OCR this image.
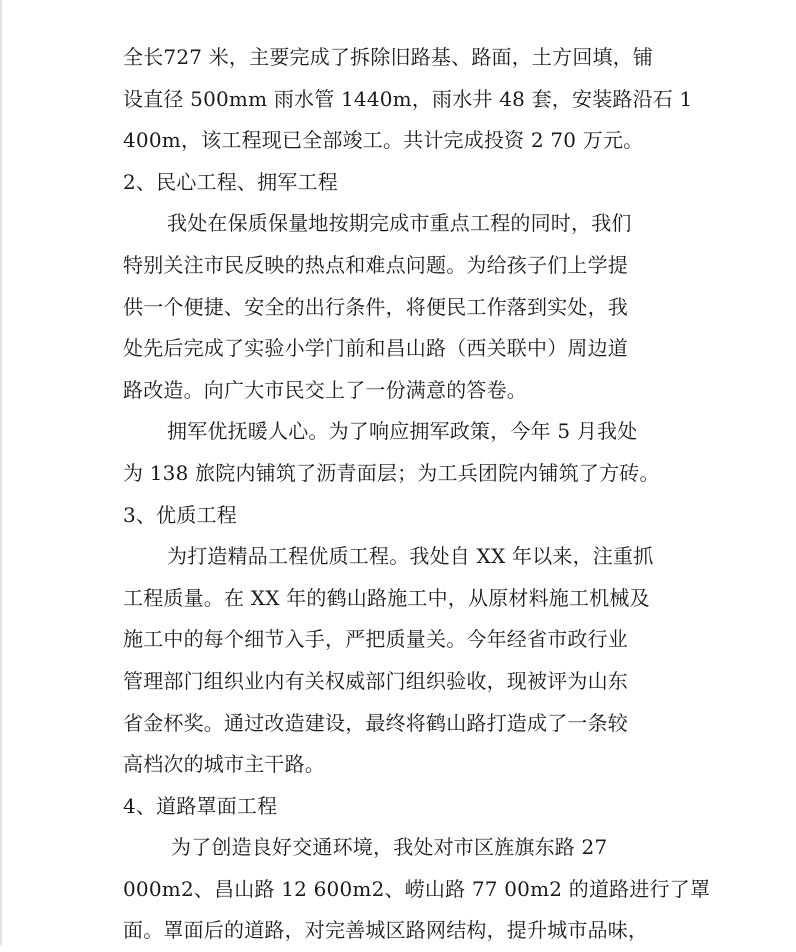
全长727 米，主要完成了拆除旧路基、路面，土方回填，铺
设直径 500mm 雨水管 1440m，雨水井 48 套，安装路沿石 1
400m，该工程现已全部竣工。共计完成投资 2 70 万元。
2、民心工程、拥军工程
我处在保质保量地按期完成市重点工程的同时，我们
特别关注市民反映的热点和难点问题。为给孩子们上学提
供一个便捷、安全的出行条件，将便民工作落到实处，我
处先后完成了实验小学门前和昌山路（西关联中）周边道
路改造。向广大市民交上了一份满意的答卷。
拥军优抚暖人心。为了响应拥军政策，今年 5 月我处
为 138 旅院内铺筑了沥青面层；为工兵团院内铺筑了方砖。
3、优质工程
为打造精品工程优质工程。我处自 XX 年以来，注重抓
工程质量。在 XX 年的鹤山路施工中，从原材料施工机械及
施工中的每个细节入手，严把质量关。今年经省市政行业
管理部门组织业内有关权威部门组织验收，现被评为山东
省金杯奖。通过改造建设，最终将鹤山路打造成了一条较
高档次的城市主干路。
4、道路罩面工程
为了创造良好交通环境，我处对市区旌旗东路 27
000m2、昌山路 12 600m2、崂山路 77 00m2 的道路进行了罩
面。罩面后的道路，对完善城区路网结构，提升城市品味，
